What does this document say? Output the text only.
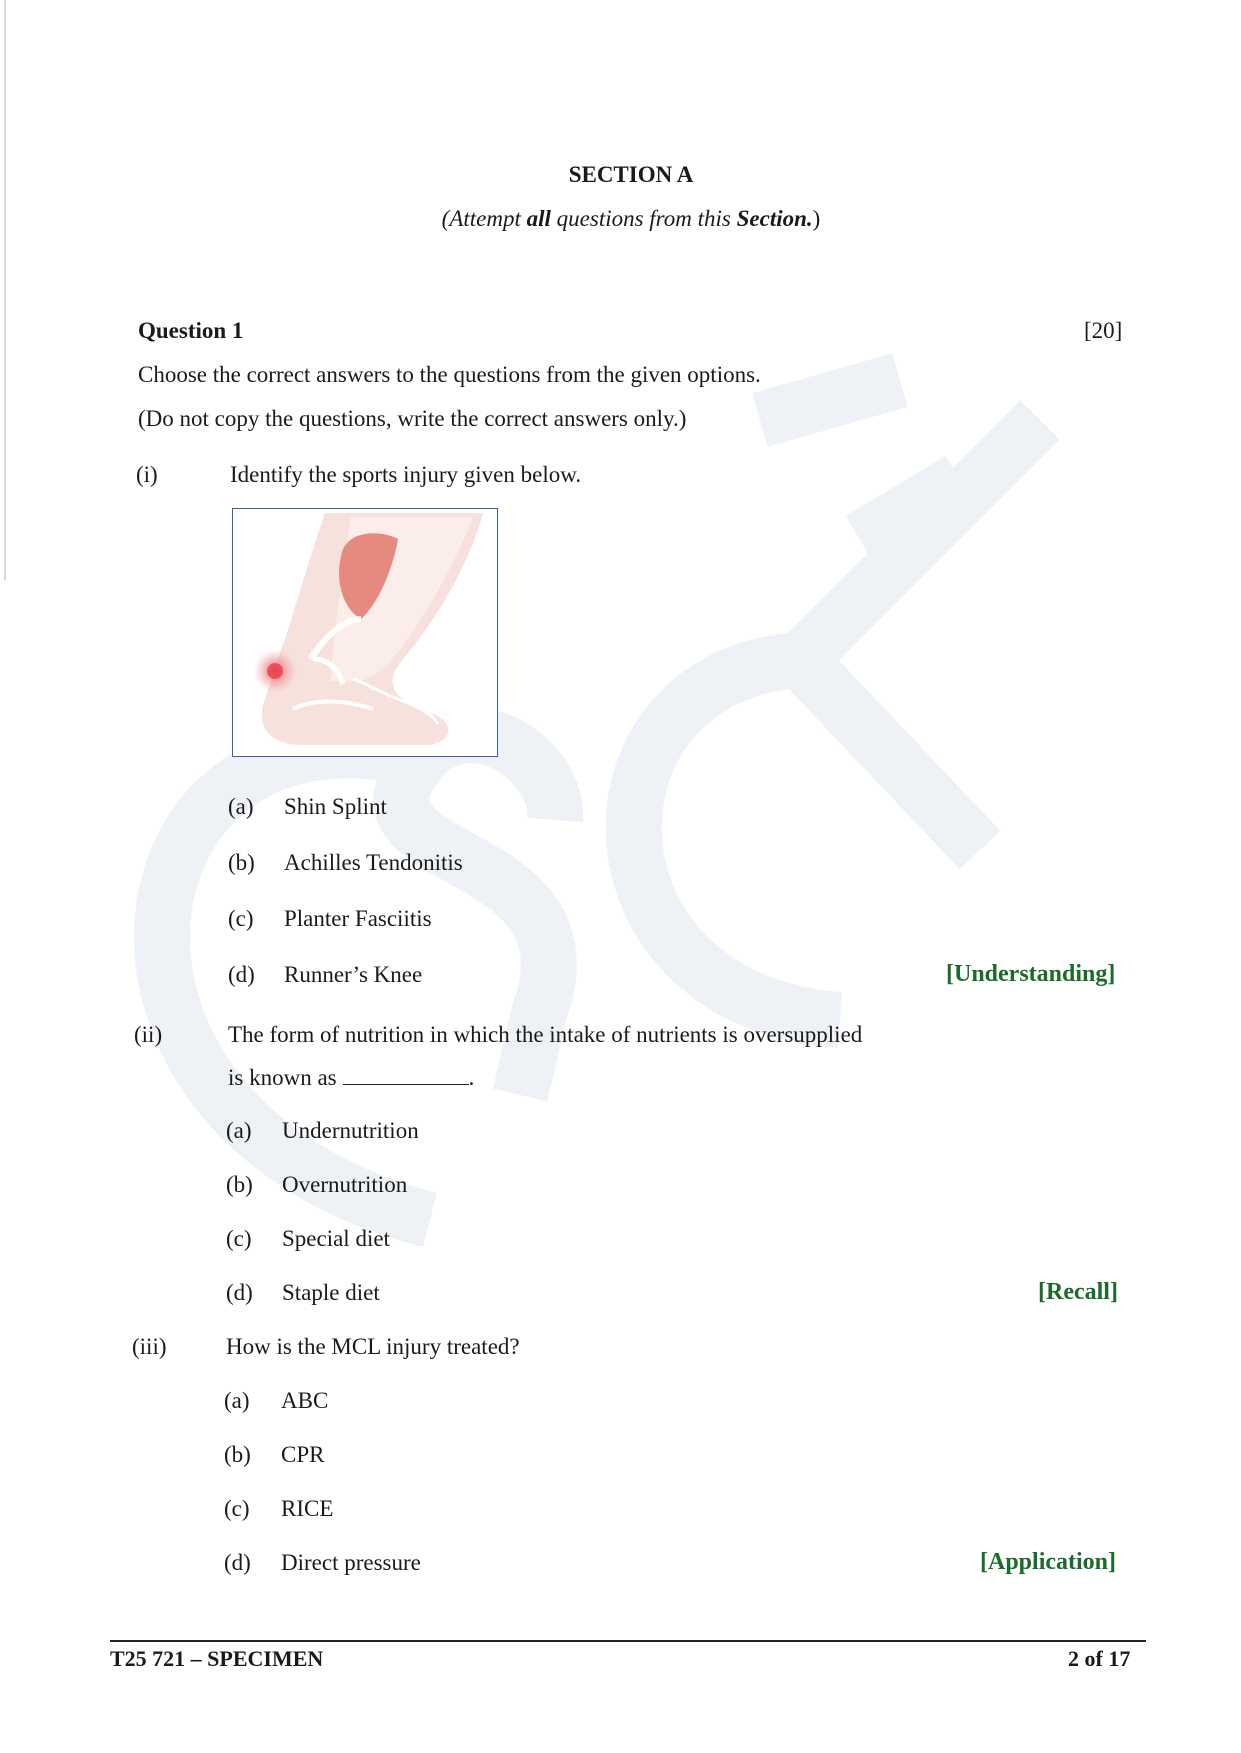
SECTION A
(Attempt all questions from this Section.)
Question 1	[20]
Choose the correct answers to the questions from the given options.
(Do not copy the questions, write the correct answers only.)
(i)	Identify the sports injury given below.
(a) Shin Splint
(b) Achilles Tendonitis
(c) Planter Fasciitis
(d) Runner’s Knee	[Understanding]
(ii)	The form of nutrition in which the intake of nutrients is oversupplied
is known as	.
(a) Undernutrition
(b) Overnutrition
(c) Special diet
(d) Staple diet	[Recall]
(iii)	How is the MCL injury treated?
(a) ABC
(b) CPR
(c) RICE
(d) Direct pressure	[Application]
T25 721 – SPECIMEN	2 of 17
